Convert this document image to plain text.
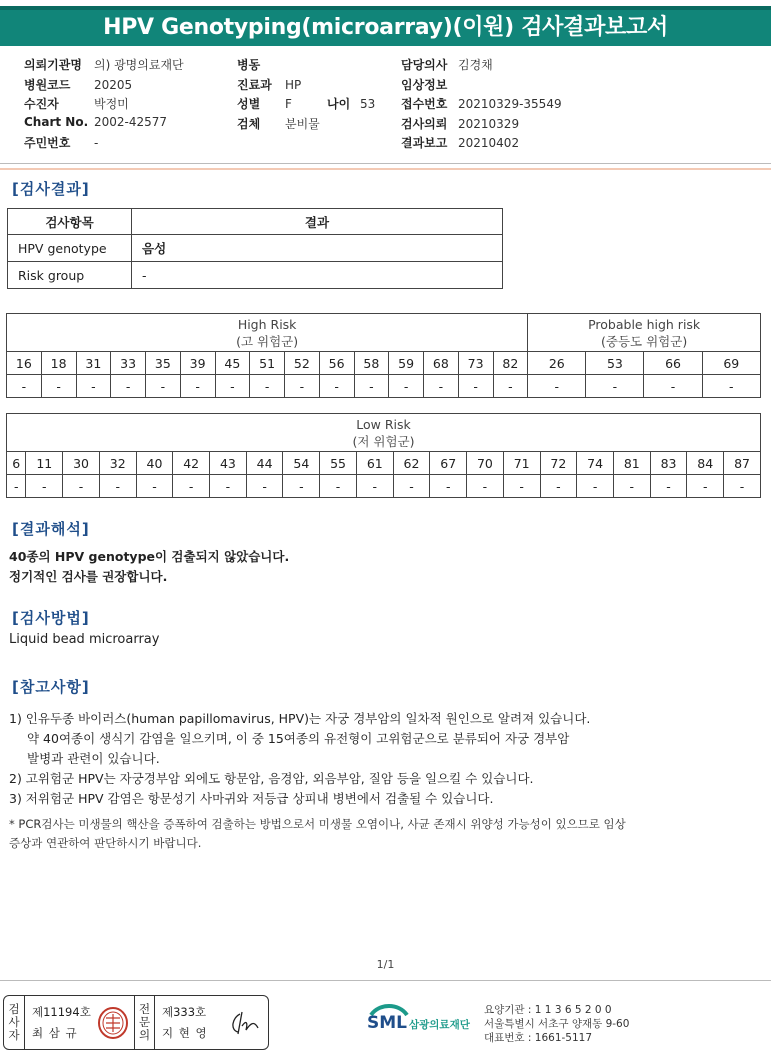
HPV Genotyping(microarray)(이원) 검사결과보고서
의뢰기관명 의) 광명의료재단
병원코드 20205
수진자	박정미
Chart No. 2002-42577
주민번호 -
병동
진료과 HP
성별 F	나이 53
검체 분비물
담당의사 김경채
임상정보
접수번호 20210329-35549
검사의뢰 20210329
결과보고 20210402
[검사결과]
검사항목	결과
HPV genotype	음성
Risk group	-
High Risk
(고 위험군)															Probable high risk
(중등도 위험군)			
16	18	31	33	35	39	45	51	52	56	58	59	68	73	82	26	53	66	69
-	-	-	-	-	-	-	-	-	-	-	-	-	-	-	-	-	-	-
Low Risk
(저 위험군)																				
6	11	30	32	40	42	43	44	54	55	61	62	67	70	71	72	74	81	83	84	87
-	-	-	-	-	-	-	-	-	-	-	-	-	-	-	-	-	-	-	-	-
[결과해석]
40종의 HPV genotype이 검출되지 않았습니다.
정기적인 검사를 권장합니다.
[검사방법]
Liquid bead microarray
[참고사항]
1) 인유두종 바이러스(human papillomavirus, HPV)는 자궁 경부암의 일차적 원인으로 알려져 있습니다.
약 40여종이 생식기 감염을 일으키며, 이 중 15여종의 유전형이 고위험군으로 분류되어 자궁 경부암
발병과 관련이 있습니다.
2) 고위험군 HPV는 자궁경부암 외에도 항문암, 음경암, 외음부암, 질암 등을 일으킬 수 있습니다.
3) 저위험군 HPV 감염은 항문성기 사마귀와 저등급 상피내 병변에서 검출될 수 있습니다.
* PCR검사는 미생물의 핵산을 증폭하여 검출하는 방법으로서 미생물 오염이나, 사균 존재시 위양성 가능성이 있으므로 임상
증상과 연관하여 판단하시기 바랍니다.
1/1
검
사
자
제11194호
최 삼 규
전
문
의
제333호
지 현 영	SML 삼광의료재단
요양기관 : 1 1 3 6 5 2 0 0
서울특별시 서초구 양재동 9-60
대표번호 : 1661-5117
